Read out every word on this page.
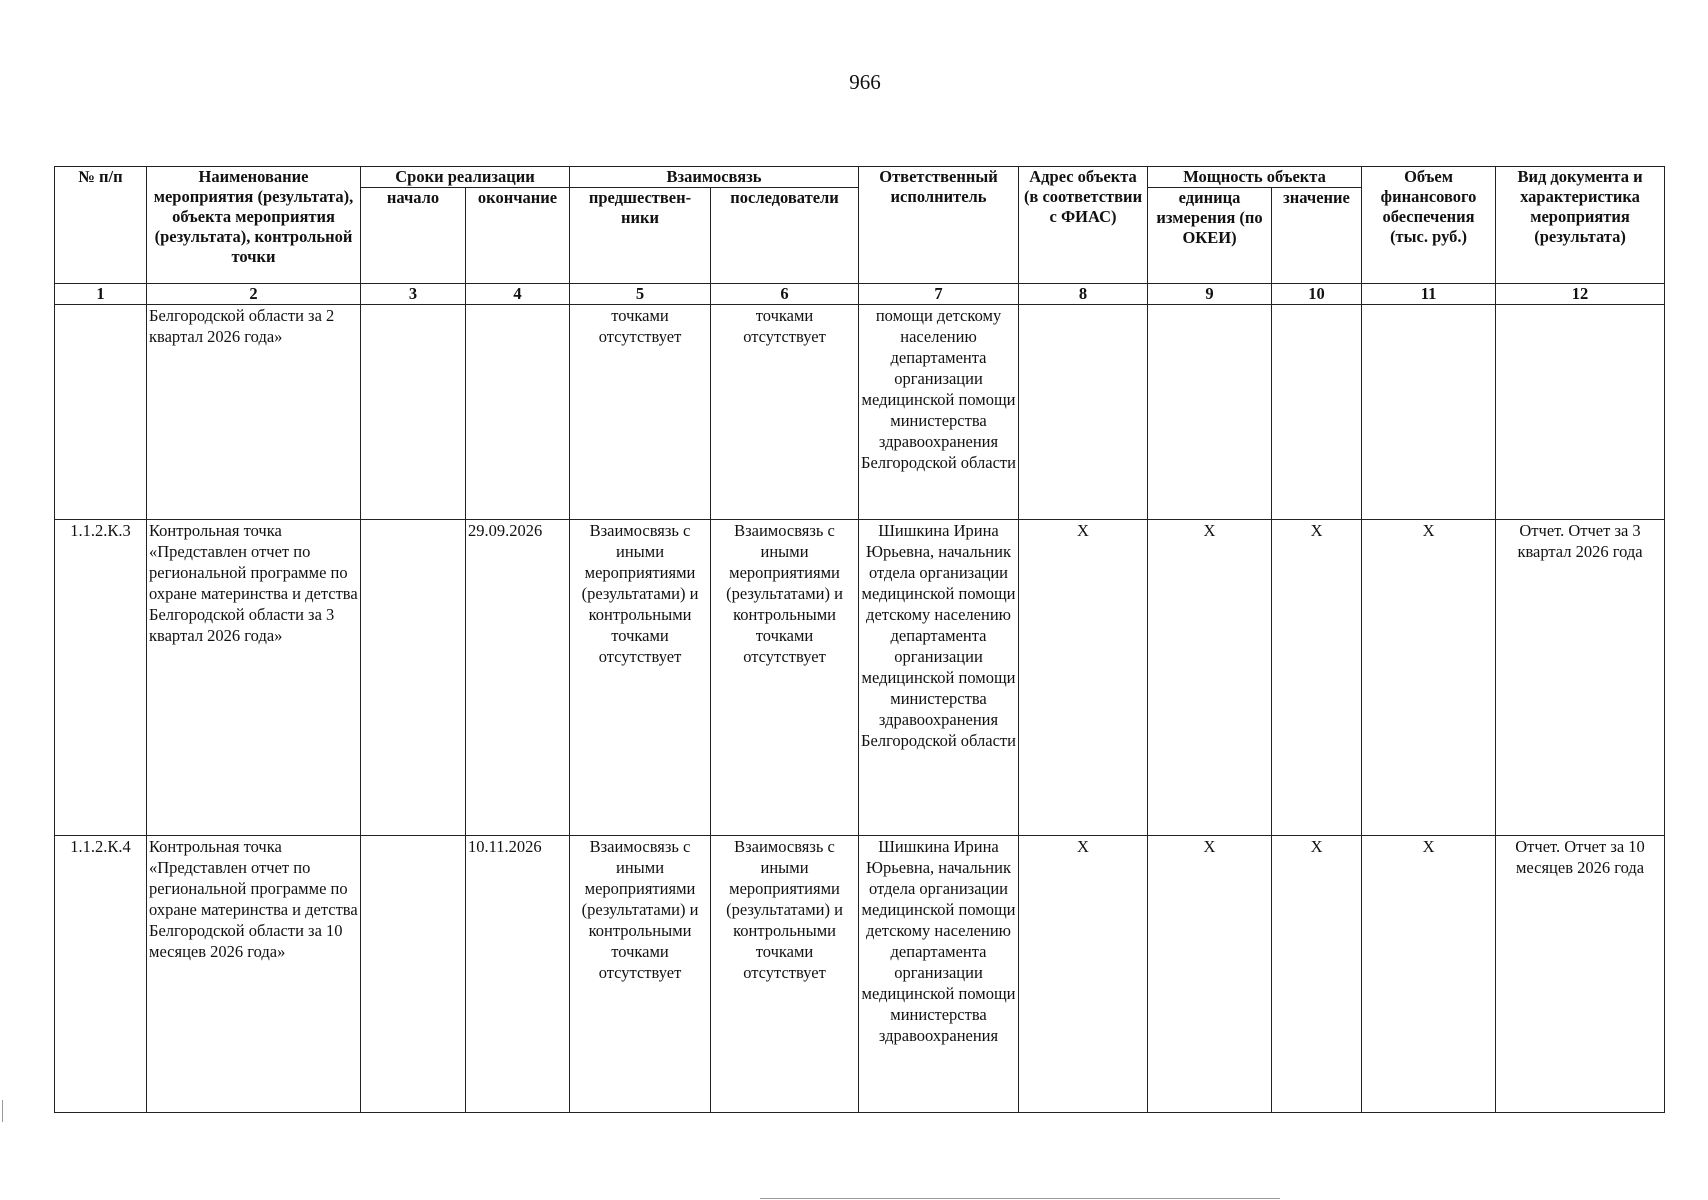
966
№ п/п	Наименование мероприятия (результата), объекта мероприятия (результата), контрольной точки	Сроки реализации		Взаимосвязь		Ответственный исполнитель	Адрес объекта (в соответствии с ФИАС)	Мощность объекта		Объем финансового обеспечения (тыс. руб.)	Вид документа и характеристика мероприятия (результата)
		начало	окончание	предшествен-ники	последователи			единица измерения (по ОКЕИ)	значение		
1	2	3	4	5	6	7	8	9	10	11	12
	Белгородской области за 2 квартал 2026 года»			точками отсутствует	точками отсутствует	помощи детскому населению департамента организации медицинской помощи министерства здравоохранения Белгородской области					
1.1.2.К.3	Контрольная точка «Представлен отчет по региональной программе по охране материнства и детства Белгородской области за 3 квартал 2026 года»		29.09.2026	Взаимосвязь с иными мероприятиями (результатами) и контрольными точками отсутствует	Взаимосвязь с иными мероприятиями (результатами) и контрольными точками отсутствует	Шишкина Ирина Юрьевна, начальник отдела организации медицинской помощи детскому населению департамента организации медицинской помощи министерства здравоохранения Белгородской области	X	X	X	X	Отчет. Отчет за 3 квартал 2026 года
1.1.2.К.4	Контрольная точка «Представлен отчет по региональной программе по охране материнства и детства Белгородской области за 10 месяцев 2026 года»		10.11.2026	Взаимосвязь с иными мероприятиями (результатами) и контрольными точками отсутствует	Взаимосвязь с иными мероприятиями (результатами) и контрольными точками отсутствует	Шишкина Ирина Юрьевна, начальник отдела организации медицинской помощи детскому населению департамента организации медицинской помощи министерства здравоохранения	X	X	X	X	Отчет. Отчет за 10 месяцев 2026 года
